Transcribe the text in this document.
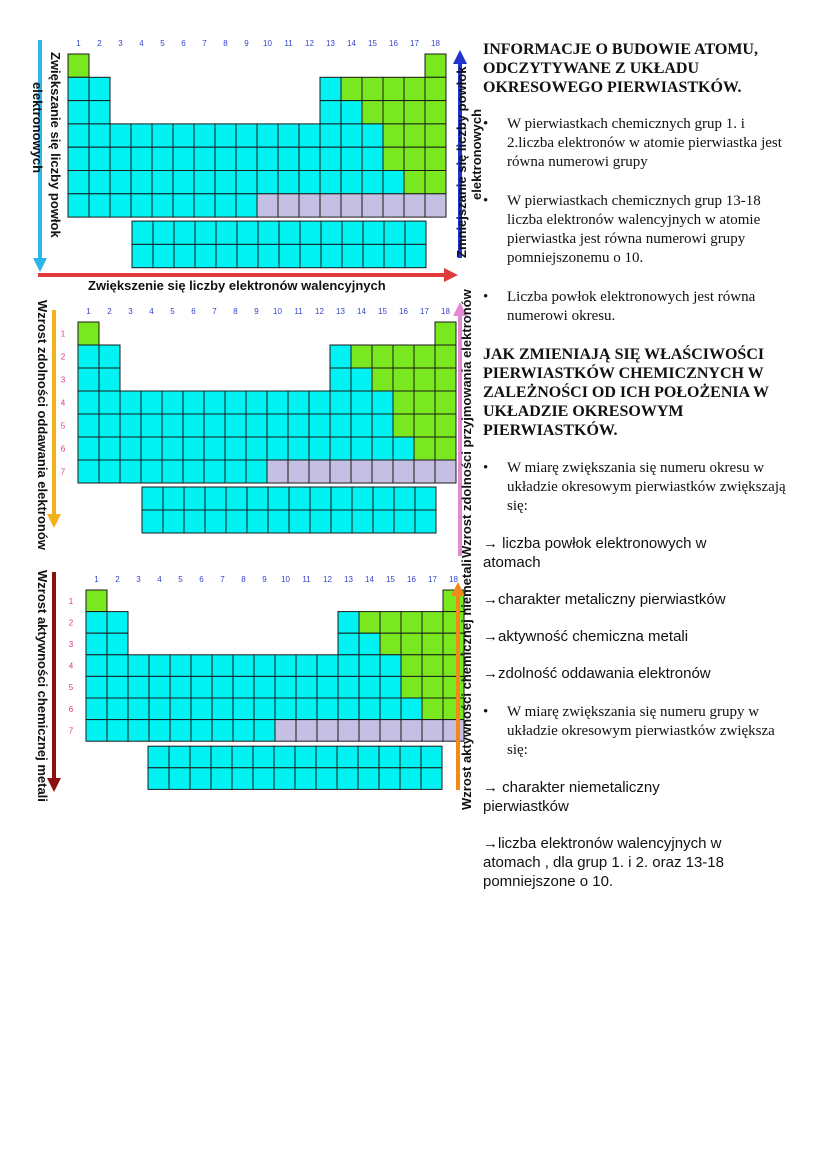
1 2 3 4 5 6 7 8 9 10 11 12 13 14 15 16 17 18
1 2 3 4 5 6 7 8 9 10 11 12 13 14 15 16 17 18
1
2
3
4
5
6
7
1 2 3 4 5 6 7 8 9 10 11 12 13 14 15 16 17 18
1
2
3
4
5
6
7
Zwiększanie się liczby powłok
elektronowych	Zmniejszanie się liczby powłok elektronowych
Zwiększenie się liczby elektronów walencyjnych
Wzrost zdolności oddawania elektronów	Wzrost zdolności przyjmowania elektronów
Wzrost aktywności chemicznej metali	Wzrost aktywności chemicznej niemetali

INFORMACJE O BUDOWIE ATOMU, ODCZYTYWANE Z UKŁADU OKRESOWEGO PIERWIASTKÓW.

• W pierwiastkach chemicznych grup 1. i 2.liczba elektronów w atomie pierwiastka jest równa numerowi grupy

• W pierwiastkach chemicznych grup 13-18 liczba elektronów walencyjnych w atomie pierwiastka jest równa numerowi grupy pomniejszonemu o 10.

• Liczba powłok elektronowych jest równa numerowi okresu.

JAK ZMIENIAJĄ SIĘ WŁAŚCIWOŚCI PIERWIASTKÓW CHEMICZNYCH W ZALEŻNOŚCI OD ICH POŁOŻENIA W UKŁADZIE OKRESOWYM PIERWIASTKÓW.

• W miarę zwiększania się numeru okresu w układzie okresowym pierwiastków zwiększają się:

→ liczba powłok elektronowych w atomach

→charakter metaliczny pierwiastków

→aktywność chemiczna metali

→zdolność oddawania elektronów

• W miarę zwiększania się numeru grupy w układzie okresowym pierwiastków zwiększa się:

→ charakter niemetaliczny pierwiastków

→liczba elektronów walencyjnych w atomach , dla grup 1. i 2. oraz 13-18 pomniejszone o 10.
